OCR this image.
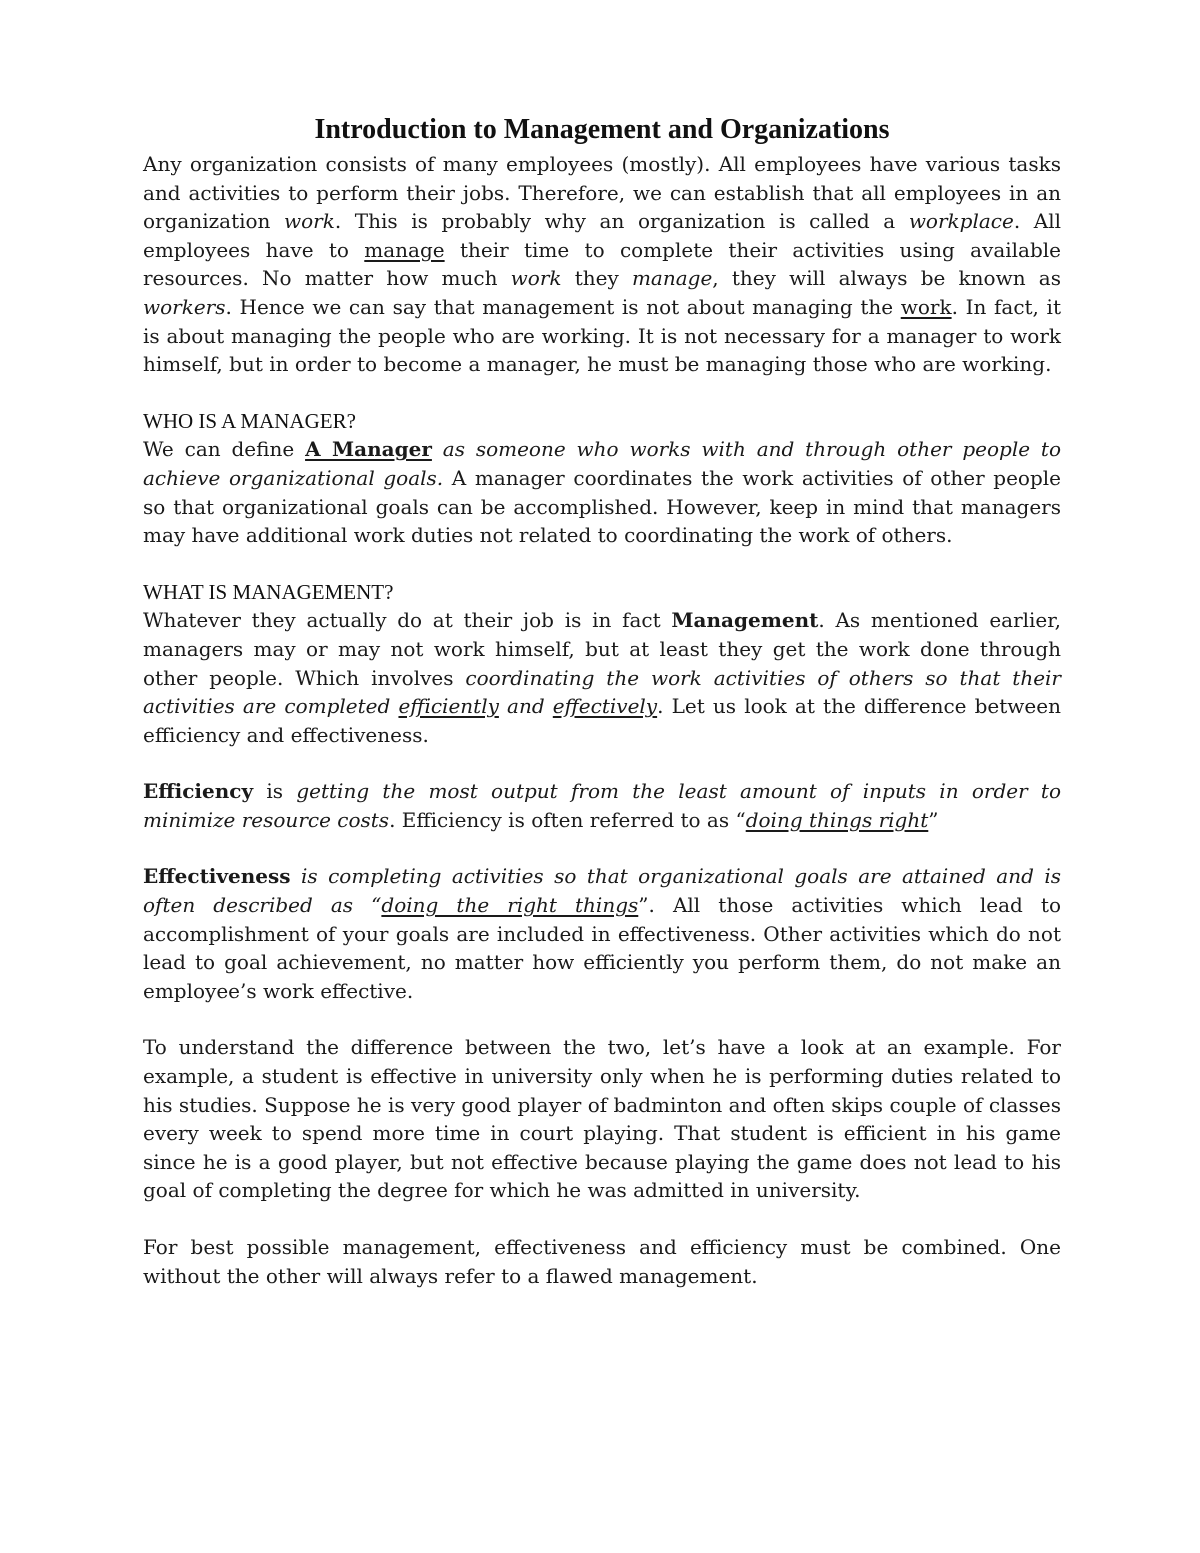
Introduction to Management and Organizations

Any organization consists of many employees (mostly). All employees have various tasks and activities to perform their jobs. Therefore, we can establish that all employees in an organization work. This is probably why an organization is called a workplace. All employees have to manage their time to complete their activities using available resources. No matter how much work they manage, they will always be known as workers. Hence we can say that management is not about managing the work. In fact, it is about managing the people who are working. It is not necessary for a manager to work himself, but in order to become a manager, he must be managing those who are working.

WHO IS A MANAGER?

We can define A Manager as someone who works with and through other people to achieve organizational goals. A manager coordinates the work activities of other people so that organizational goals can be accomplished. However, keep in mind that managers may have additional work duties not related to coordinating the work of others.

WHAT IS MANAGEMENT?

Whatever they actually do at their job is in fact Management. As mentioned earlier, managers may or may not work himself, but at least they get the work done through other people. Which involves coordinating the work activities of others so that their activities are completed efficiently and effectively. Let us look at the difference between efficiency and effectiveness.

Efficiency is getting the most output from the least amount of inputs in order to minimize resource costs. Efficiency is often referred to as “doing things right”

Effectiveness is completing activities so that organizational goals are attained and is often described as “doing the right things”. All those activities which lead to accomplishment of your goals are included in effectiveness. Other activities which do not lead to goal achievement, no matter how efficiently you perform them, do not make an employee’s work effective.

To understand the difference between the two, let’s have a look at an example. For example, a student is effective in university only when he is performing duties related to his studies. Suppose he is very good player of badminton and often skips couple of classes every week to spend more time in court playing. That student is efficient in his game since he is a good player, but not effective because playing the game does not lead to his goal of completing the degree for which he was admitted in university.

For best possible management, effectiveness and efficiency must be combined. One without the other will always refer to a flawed management.
